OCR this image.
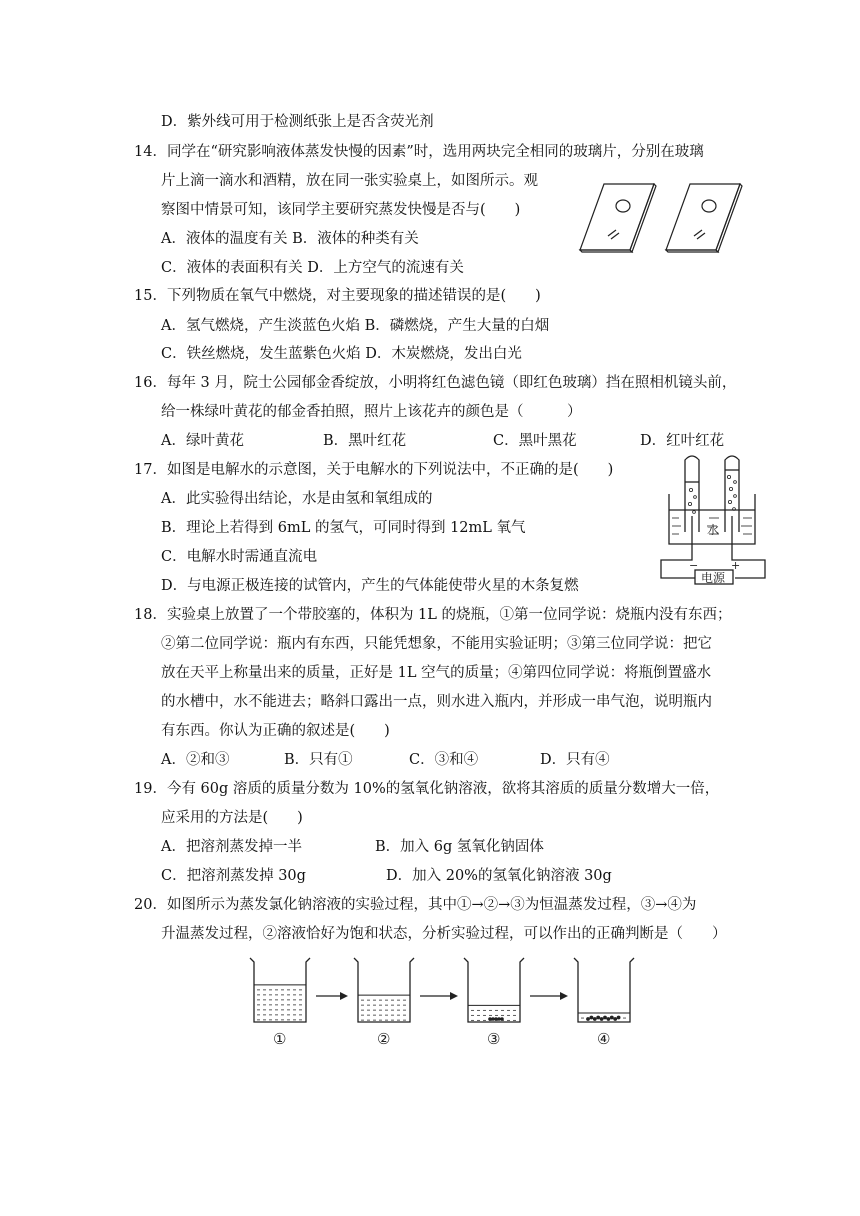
D．紫外线可用于检测纸张上是否含荧光剂
14．同学在“研究影响液体蒸发快慢的因素”时，选用两块完全相同的玻璃片，分别在玻璃
片上滴一滴水和酒精，放在同一张实验桌上，如图所示。观
察图中情景可知，该同学主要研究蒸发快慢是否与(　　)
A．液体的温度有关 B．液体的种类有关
C．液体的表面积有关 D．上方空气的流速有关
15．下列物质在氧气中燃烧，对主要现象的描述错误的是(　　)
A．氢气燃烧，产生淡蓝色火焰 B．磷燃烧，产生大量的白烟
C．铁丝燃烧，发生蓝紫色火焰 D．木炭燃烧，发出白光
16．每年 3 月，院士公园郁金香绽放，小明将红色滤色镜（即红色玻璃）挡在照相机镜头前，
给一株绿叶黄花的郁金香拍照，照片上该花卉的颜色是（　　　）
A．绿叶黄花	B．黑叶红花	C．黑叶黑花	D．红叶红花
17．如图是电解水的示意图，关于电解水的下列说法中，不正确的是(　　)
A．此实验得出结论，水是由氢和氧组成的
B．理论上若得到 6mL 的氢气，可同时得到 12mL 氧气
C．电解水时需通直流电
D．与电源正极连接的试管内，产生的气体能使带火星的木条复燃
水
电源
−	+
18．实验桌上放置了一个带胶塞的，体积为 1L 的烧瓶，①第一位同学说：烧瓶内没有东西；
②第二位同学说：瓶内有东西，只能凭想象，不能用实验证明；③第三位同学说：把它
放在天平上称量出来的质量，正好是 1L 空气的质量；④第四位同学说：将瓶倒置盛水
的水槽中，水不能进去；略斜口露出一点，则水进入瓶内，并形成一串气泡，说明瓶内
有东西。你认为正确的叙述是(　　)
A．②和③	B．只有①	C．③和④	D．只有④
19．今有 60g 溶质的质量分数为 10%的氢氧化钠溶液，欲将其溶质的质量分数增大一倍，
应采用的方法是(　　)
A．把溶剂蒸发掉一半	B．加入 6g 氢氧化钠固体
C．把溶剂蒸发掉 30g	D．加入 20%的氢氧化钠溶液 30g
20．如图所示为蒸发氯化钠溶液的实验过程，其中①→②→③为恒温蒸发过程，③→④为
升温蒸发过程，②溶液恰好为饱和状态，分析实验过程，可以作出的正确判断是（　　）
①	②	③	④
